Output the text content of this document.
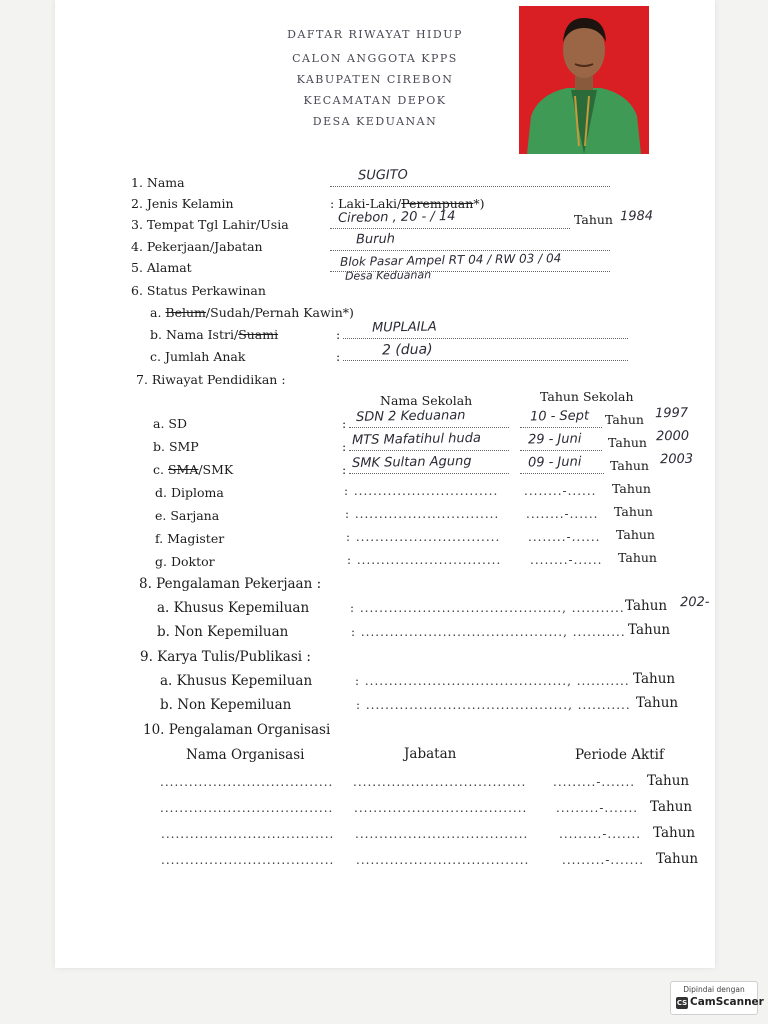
DAFTAR RIWAYAT HIDUP
CALON ANGGOTA KPPS
KABUPATEN CIREBON
KECAMATAN DEPOK
DESA KEDUANAN
1. Nama	SUGITO
2. Jenis Kelamin	: Laki-Laki/Perempuan*)
3. Tempat Tgl Lahir/Usia	Cirebon , 20 - / 14	Tahun 1984
4. Pekerjaan/Jabatan	Buruh
5. Alamat	Blok Pasar Ampel RT 04 / RW 03 / 04
Desa Keduanan
6. Status Perkawinan
a. Belum/Sudah/Pernah Kawin*)
b. Nama Istri/Suami	: MUPLAILA
c. Jumlah Anak	:	2 (dua)
7. Riwayat Pendidikan :
Nama Sekolah	Tahun Sekolah
a. SD	: SDN 2 Keduanan	10 - Sept Tahun 1997
b. SMP	: MTS Mafatihul huda	29 - Juni Tahun 2000
c. SMA/SMK	: SMK Sultan Agung	09 - Juni Tahun 2003
d. Diploma	: .............................. ........-...... Tahun
e. Sarjana	: .............................. ........-...... Tahun
f. Magister	: .............................. ........-...... Tahun
g. Doktor	: .............................. ........-...... Tahun
8. Pengalaman Pekerjaan :
a. Khusus Kepemiluan	: .........................................., ........... Tahun 202-
b. Non Kepemiluan	: .........................................., ........... Tahun
9. Karya Tulis/Publikasi :
a. Khusus Kepemiluan	: .........................................., ........... Tahun
b. Non Kepemiluan	: .........................................., ........... Tahun
10. Pengalaman Organisasi
Nama Organisasi	Jabatan	Periode Aktif
.................................... .................................... .........-....... Tahun
.................................... .................................... .........-....... Tahun
.................................... ....................................	.........-....... Tahun
.................................... ....................................	.........-....... Tahun
Dipindai dengan
CS CamScanner
